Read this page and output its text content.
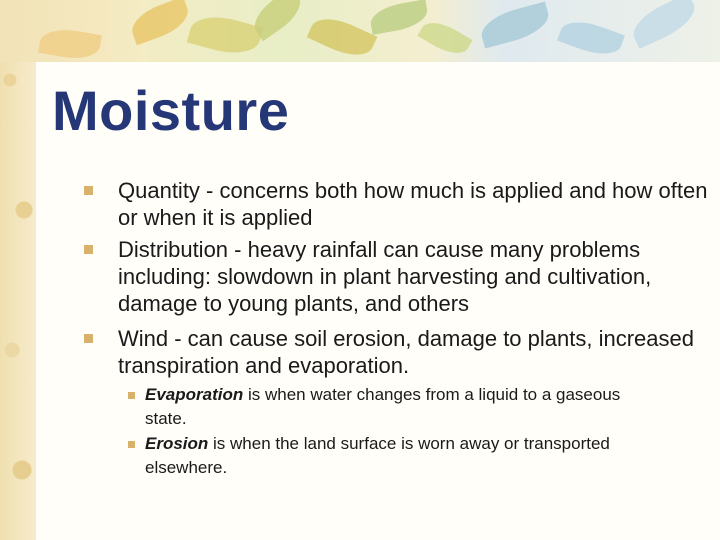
Moisture
Quantity - concerns both how much is applied and how often or when it is applied
Distribution - heavy rainfall can cause many problems including: slowdown in plant harvesting and cultivation, damage to young plants, and others
Wind - can cause soil erosion, damage to plants, increased transpiration and evaporation.
Evaporation is when water changes from a liquid to a gaseous state.
Erosion is when the land surface is worn away or transported elsewhere.
